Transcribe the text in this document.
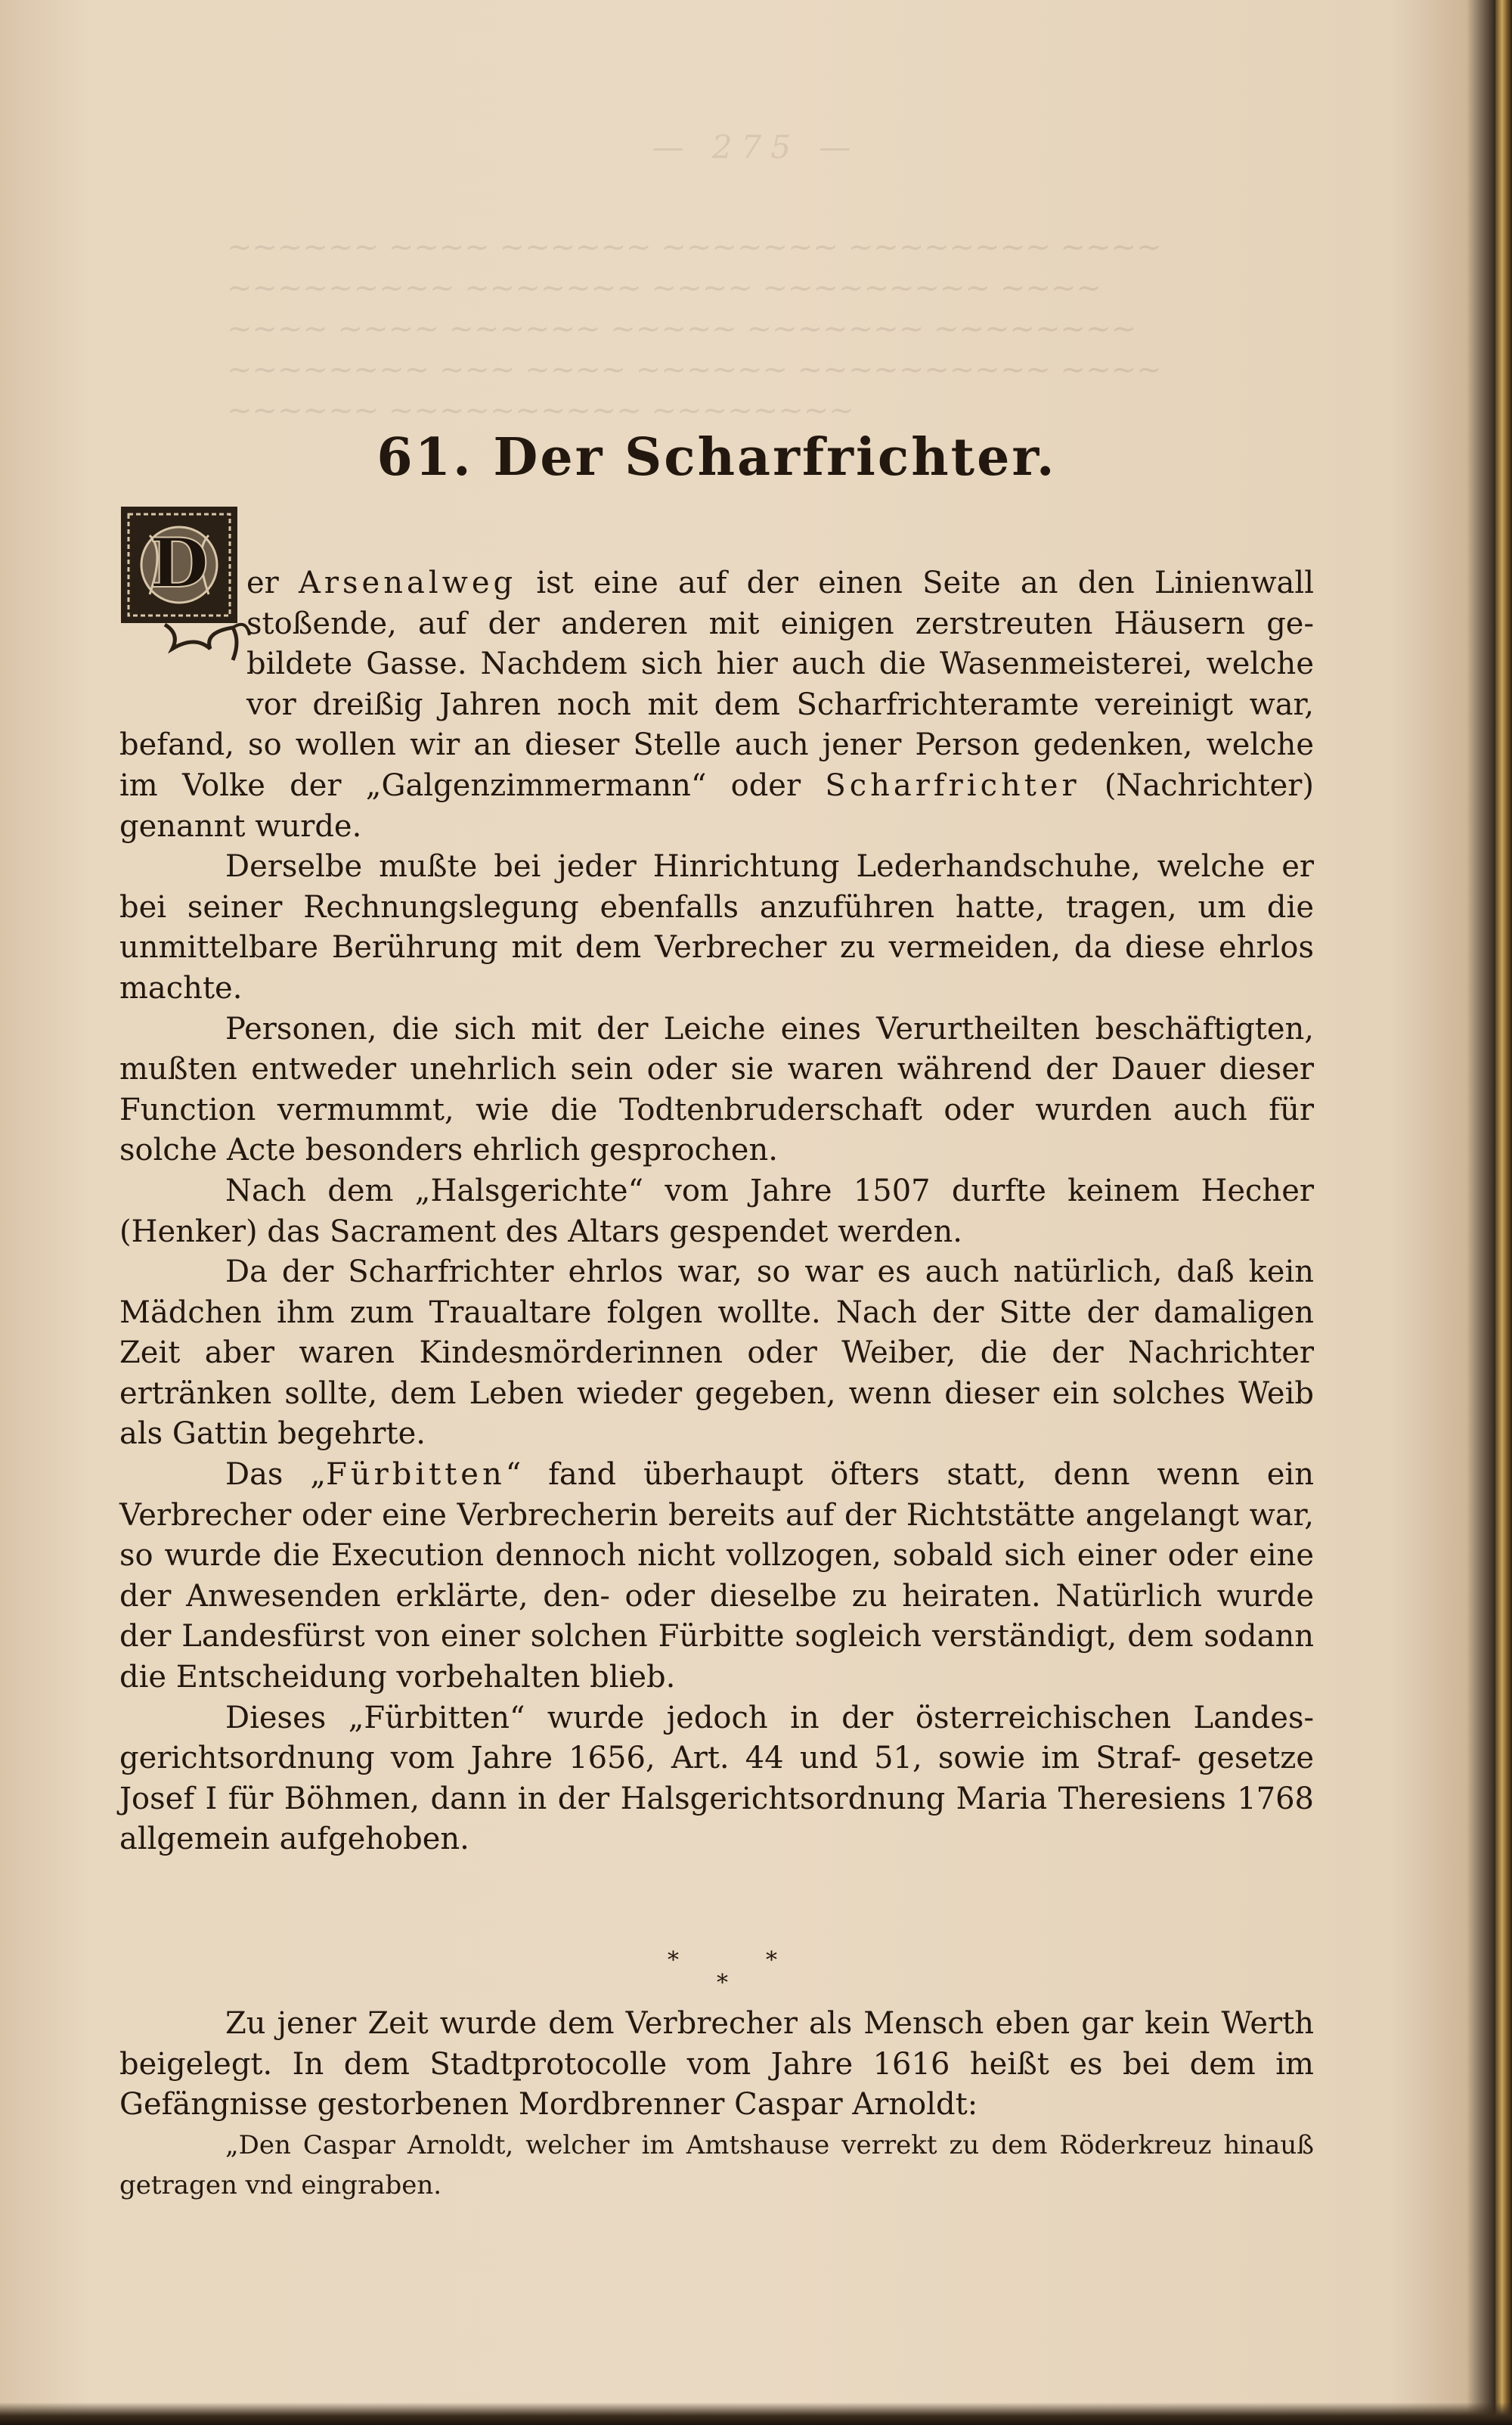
— 275 —
~~~~~~ ~~~~ ~~~~~~ ~~~~~~~ ~~~~~~~~ ~~~~
~~~~~~~~~ ~~~~~~~ ~~~~ ~~~~~~~~~ ~~~~
~~~~ ~~~~ ~~~~~~ ~~~~~ ~~~~~~~ ~~~~~~~~
~~~~~~~~ ~~~ ~~~~ ~~~~~~ ~~~~~~~~~~ ~~~~
~~~~~~ ~~~~~~~~~~ ~~~~~~~~
61. Der Scharfrichter.
D	er Arsenalweg ist eine auf der einen Seite an den Linienwall stoßende, auf der anderen mit einigen zerstreuten Häusern ge- bildete Gasse. Nachdem sich hier auch die Wasenmeisterei, welche vor dreißig Jahren noch mit dem Scharfrichteramte vereinigt war, befand, so wollen wir an dieser Stelle auch jener Person gedenken, welche im Volke der „Galgenzimmermann“ oder Scharfrichter (Nachrichter) genannt wurde.

Derselbe mußte bei jeder Hinrichtung Lederhandschuhe, welche er bei seiner Rechnungslegung ebenfalls anzuführen hatte, tragen, um die unmittelbare Berührung mit dem Verbrecher zu vermeiden, da diese ehrlos machte.

Personen, die sich mit der Leiche eines Verurtheilten beschäftigten, mußten entweder unehrlich sein oder sie waren während der Dauer dieser Function vermummt, wie die Todtenbruderschaft oder wurden auch für solche Acte besonders ehrlich gesprochen.

Nach dem „Halsgerichte“ vom Jahre 1507 durfte keinem Hecher (Henker) das Sacrament des Altars gespendet werden.

Da der Scharfrichter ehrlos war, so war es auch natürlich, daß kein Mädchen ihm zum Traualtare folgen wollte. Nach der Sitte der damaligen Zeit aber waren Kindesmörderinnen oder Weiber, die der Nachrichter ertränken sollte, dem Leben wieder gegeben, wenn dieser ein solches Weib als Gattin begehrte.

Das „Fürbitten“ fand überhaupt öfters statt, denn wenn ein Verbrecher oder eine Verbrecherin bereits auf der Richtstätte angelangt war, so wurde die Execution dennoch nicht vollzogen, sobald sich einer oder eine der Anwesenden erklärte, den- oder dieselbe zu heiraten. Natürlich wurde der Landesfürst von einer solchen Fürbitte sogleich verständigt, dem sodann die Entscheidung vorbehalten blieb.

Dieses „Fürbitten“ wurde jedoch in der österreichischen Landes- gerichtsordnung vom Jahre 1656, Art. 44 und 51, sowie im Straf- gesetze Josef I für Böhmen, dann in der Halsgerichtsordnung Maria Theresiens 1768 allgemein aufgehoben.

*	*
*

Zu jener Zeit wurde dem Verbrecher als Mensch eben gar kein Werth beigelegt. In dem Stadtprotocolle vom Jahre 1616 heißt es bei dem im Gefängnisse gestorbenen Mordbrenner Caspar Arnoldt:

„Den Caspar Arnoldt, welcher im Amtshause verrekt zu dem Röderkreuz hinauß getragen vnd eingraben.
